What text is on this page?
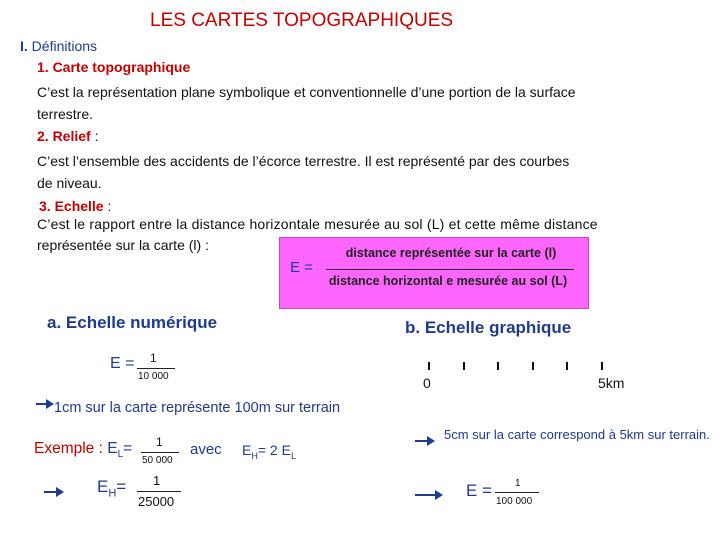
LES CARTES TOPOGRAPHIQUES
I. Définitions
1. Carte topographique
C’est la représentation plane symbolique et conventionnelle d’une portion de la surface
terrestre.
2. Relief :
C’est l’ensemble des accidents de l’écorce terrestre. Il est représenté par des courbes
de niveau.
3. Echelle :
C’est le rapport entre la distance horizontale mesurée au sol (L) et cette même distance
représentée sur la carte (l) :
E =
distance représentée sur la carte (l)
distance horizontal e mesurée au sol (L)
a. Echelle numérique
E = 1
10 000
1cm sur la carte représente 100m sur terrain
Exemple : $E_L= 1$
50 000
avec $E_H= 2$ $E_L$
$E_H= 1$
25000
b. Echelle graphique
0	5km
5cm sur la carte correspond à 5km sur terrain.
E = 1
100 000
